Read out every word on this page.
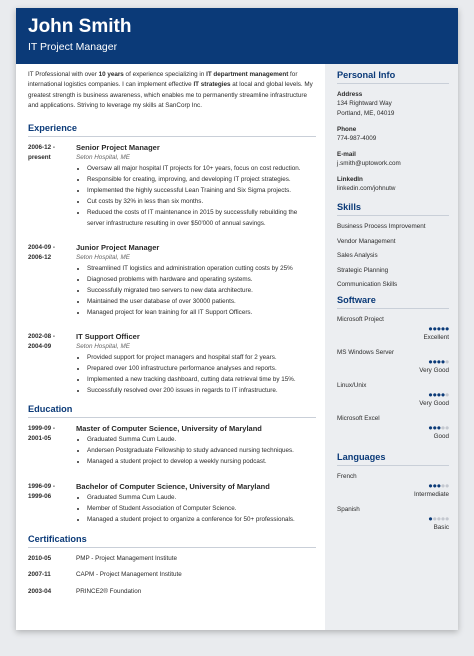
John Smith
IT Project Manager

IT Professional with over 10 years of experience specializing in IT department management for international logistics companies. I can implement effective IT strategies at local and global levels. My greatest strength is business awareness, which enables me to permanently streamline infrastructure and applications. Striving to leverage my skills at SanCorp Inc.

Experience
2006-12 -
present
Senior Project Manager
Seton Hospital, ME
• Oversaw all major hospital IT projects for 10+ years, focus on cost reduction.
• Responsible for creating, improving, and developing IT project strategies.
• Implemented the highly successful Lean Training and Six Sigma projects.
• Cut costs by 32% in less than six months.
• Reduced the costs of IT maintenance in 2015 by successfully rebuilding the server infrastructure resulting in over $50'000 of annual savings.
2004-09 -
2006-12
Junior Project Manager
Seton Hospital, ME
• Streamlined IT logistics and administration operation cutting costs by 25%
• Diagnosed problems with hardware and operating systems.
• Successfully migrated two servers to new data architecture.
• Maintained the user database of over 30000 patients.
• Managed project for lean training for all IT Support Officers.
2002-08 -
2004-09
IT Support Officer
Seton Hospital, ME
• Provided support for project managers and hospital staff for 2 years.
• Prepared over 100 infrastructure performance analyses and reports.
• Implemented a new tracking dashboard, cutting data retrieval time by 15%.
• Successfully resolved over 200 issues in regards to IT infrastructure.
Education
1999-09 -
2001-05
Master of Computer Science, University of Maryland
• Graduated Summa Cum Laude.
• Andersen Postgraduate Fellowship to study advanced nursing techniques.
• Managed a student project to develop a weekly nursing podcast.
1996-09 -
1999-06
Bachelor of Computer Science, University of Maryland
• Graduated Summa Cum Laude.
• Member of Student Association of Computer Science.
• Managed a student project to organize a conference for 50+ professionals.
Certifications
2010-05	PMP - Project Management Institute
2007-11	CAPM - Project Management Institute
2003-04	PRINCE2® Foundation
Personal Info
Address
134 Rightward Way
Portland, ME, 04019
Phone
774-987-4009
E-mail
j.smith@uptowork.com
LinkedIn
linkedin.com/johnutw
Skills
Business Process Improvement
Vendor Management
Sales Analysis
Strategic Planning
Communication Skills
Software
Microsoft Project
●●●●●
Excellent
MS Windows Server
●●●●●
Very Good
Linux/Unix
●●●●●
Very Good
Microsoft Excel
●●●●●
Good
Languages
French
●●●●●
Intermediate
Spanish
●●●●●
Basic
